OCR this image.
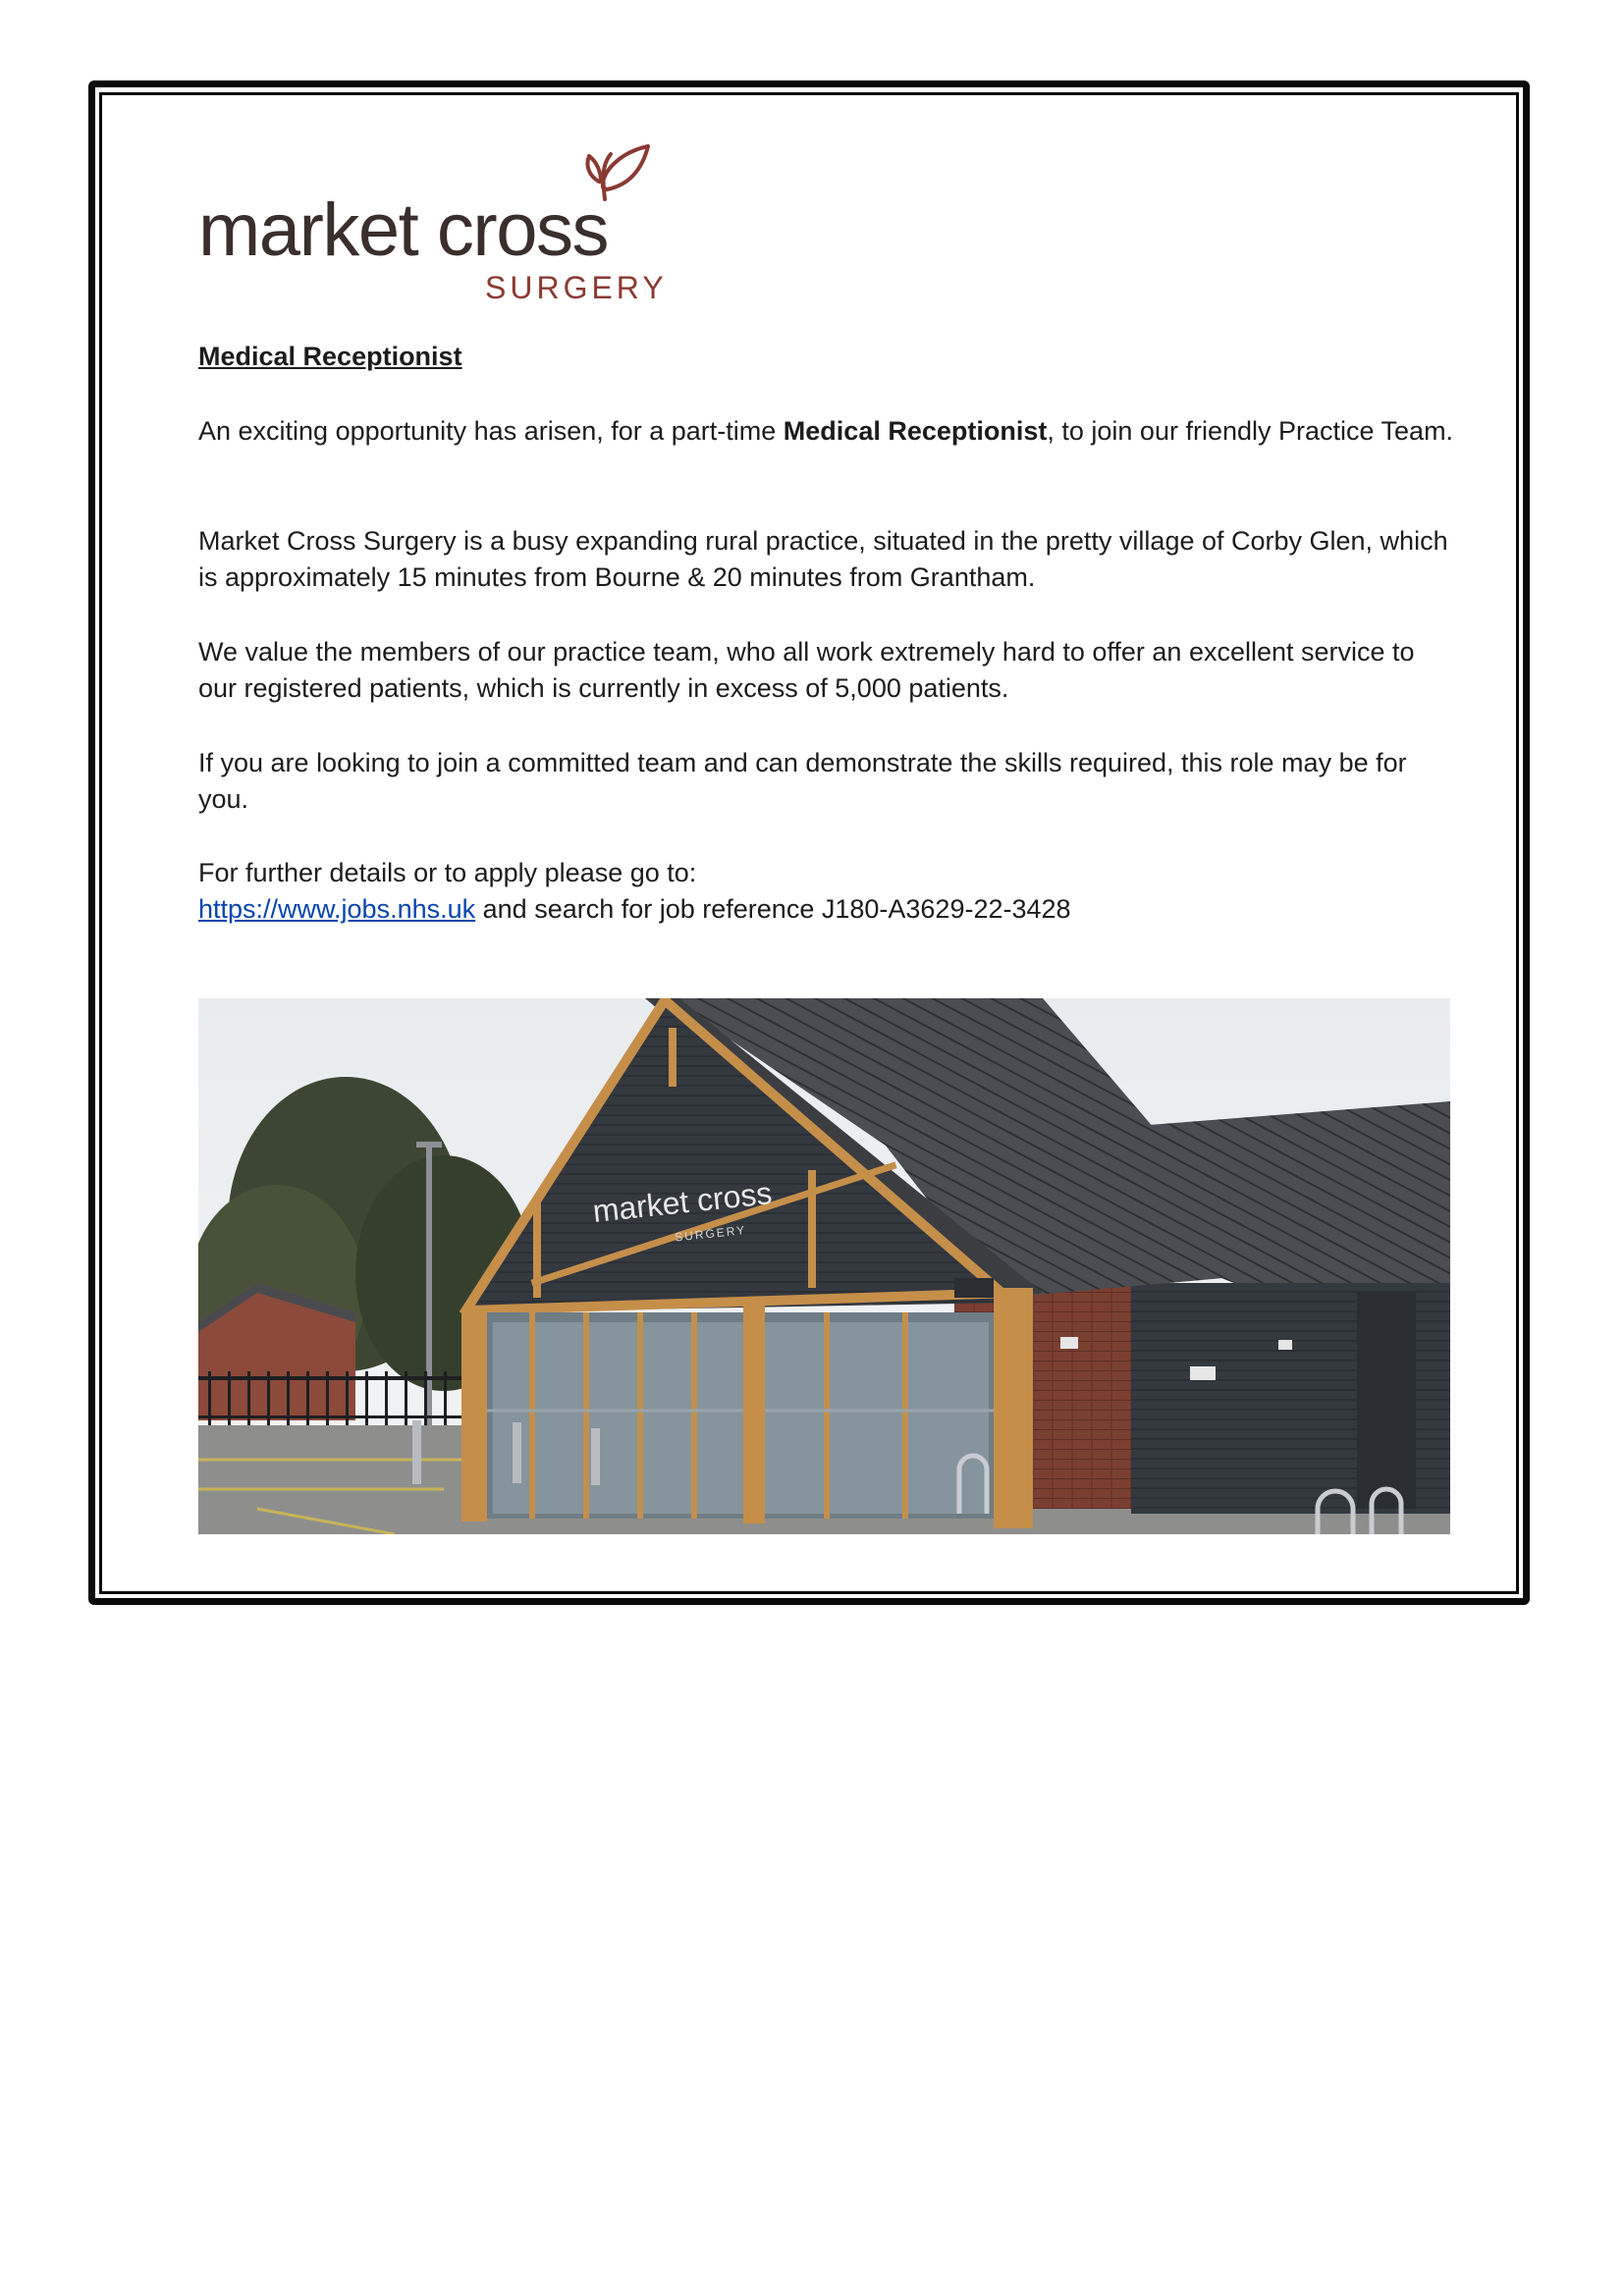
market cross
SURGERY
Medical Receptionist
An exciting opportunity has arisen, for a part-time Medical Receptionist, to join our friendly Practice Team.
Market Cross Surgery is a busy expanding rural practice, situated in the pretty village of Corby Glen, which is approximately 15 minutes from Bourne & 20 minutes from Grantham.
We value the members of our practice team, who all work extremely hard to offer an excellent service to our registered patients, which is currently in excess of 5,000 patients.
If you are looking to join a committed team and can demonstrate the skills required, this role may be for you.
For further details or to apply please go to:
https://www.jobs.nhs.uk and search for job reference J180-A3629-22-3428
market cross
SURGERY
